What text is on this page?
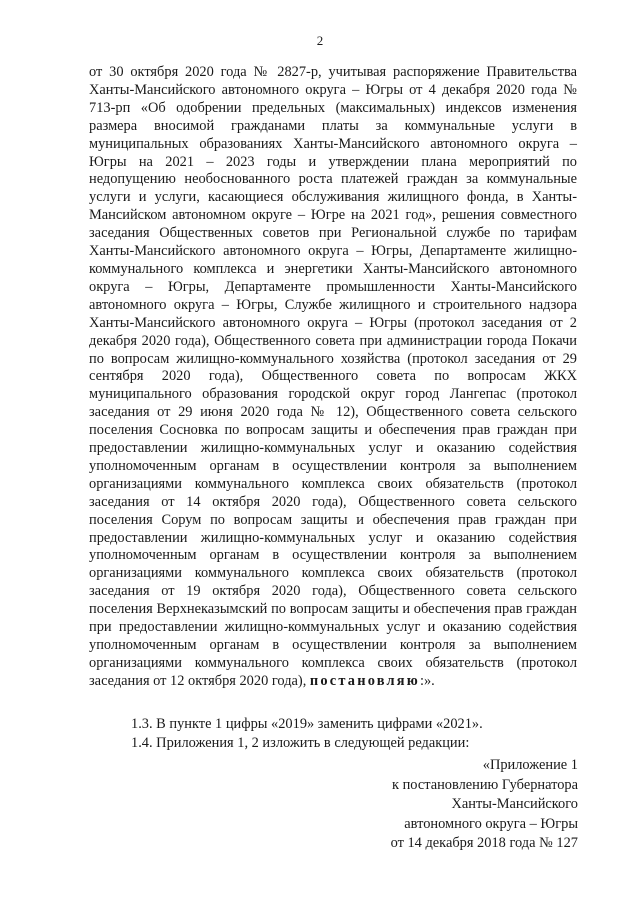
2

от 30 октября 2020 года № 2827-р, учитывая распоряжение Правительства Ханты-Мансийского автономного округа – Югры от 4 декабря 2020 года № 713-рп «Об одобрении предельных (максимальных) индексов изменения размера вносимой гражданами платы за коммунальные услуги в муниципальных образованиях Ханты-Мансийского автономного округа – Югры на 2021 – 2023 годы и утверждении плана мероприятий по недопущению необоснованного роста платежей граждан за коммунальные услуги и услуги, касающиеся обслуживания жилищного фонда, в Ханты-Мансийском автономном округе – Югре на 2021 год», решения совместного заседания Общественных советов при Региональной службе по тарифам Ханты-Мансийского автономного округа – Югры, Департаменте жилищно-коммунального комплекса и энергетики Ханты-Мансийского автономного округа – Югры, Департаменте промышленности Ханты-Мансийского автономного округа – Югры, Службе жилищного и строительного надзора Ханты-Мансийского автономного округа – Югры (протокол заседания от 2 декабря 2020 года), Общественного совета при администрации города Покачи по вопросам жилищно-коммунального хозяйства (протокол заседания от 29 сентября 2020 года), Общественного совета по вопросам ЖКХ муниципального образования городской округ город Лангепас (протокол заседания от 29 июня 2020 года № 12), Общественного совета сельского поселения Сосновка по вопросам защиты и обеспечения прав граждан при предоставлении жилищно-коммунальных услуг и оказанию содействия уполномоченным органам в осуществлении контроля за выполнением организациями коммунального комплекса своих обязательств (протокол заседания от 14 октября 2020 года), Общественного совета сельского поселения Сорум по вопросам защиты и обеспечения прав граждан при предоставлении жилищно-коммунальных услуг и оказанию содействия уполномоченным органам в осуществлении контроля за выполнением организациями коммунального комплекса своих обязательств (протокол заседания от 19 октября 2020 года), Общественного совета сельского поселения Верхнеказымский по вопросам защиты и обеспечения прав граждан при предоставлении жилищно-коммунальных услуг и оказанию содействия уполномоченным органам в осуществлении контроля за выполнением организациями коммунального комплекса своих обязательств (протокол заседания от 12 октября 2020 года), постановляю:».

1.3. В пункте 1 цифры «2019» заменить цифрами «2021».

1.4. Приложения 1, 2 изложить в следующей редакции:

«Приложение 1
к постановлению Губернатора
Ханты-Мансийского
автономного округа – Югры
от 14 декабря 2018 года № 127
